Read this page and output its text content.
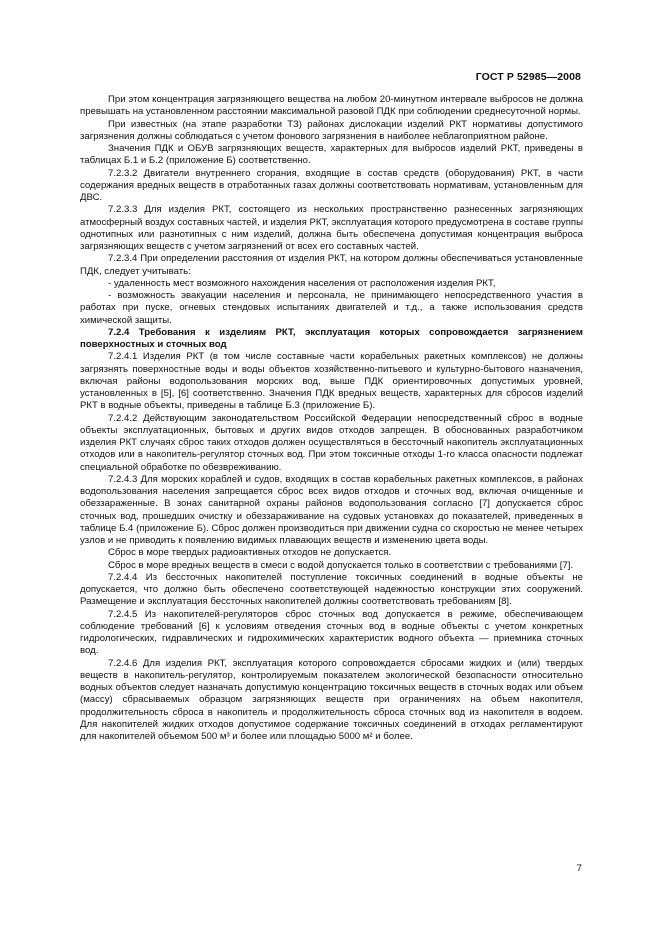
ГОСТ Р 52985—2008

При этом концентрация загрязняющего вещества на любом 20-минутном интервале выбросов не должна превышать на установленном расстоянии максимальной разовой ПДК при соблюдении среднесуточной нормы.

При известных (на этапе разработки ТЗ) районах дислокации изделий РКТ нормативы допустимого загрязнения должны соблюдаться с учетом фонового загрязнения в наиболее неблагоприятном районе.

Значения ПДК и ОБУВ загрязняющих веществ, характерных для выбросов изделий РКТ, приведены в таблицах Б.1 и Б.2 (приложение Б) соответственно.

7.2.3.2 Двигатели внутреннего сгорания, входящие в состав средств (оборудования) РКТ, в части содержания вредных веществ в отработанных газах должны соответствовать нормативам, установленным для ДВС.

7.2.3.3 Для изделия РКТ, состоящего из нескольких пространственно разнесенных загрязняющих атмосферный воздух составных частей, и изделия РКТ, эксплуатация которого предусмотрена в составе группы однотипных или разнотипных с ним изделий, должна быть обеспечена допустимая концентрация выброса загрязняющих веществ с учетом загрязнений от всех его составных частей.

7.2.3.4 При определении расстояния от изделия РКТ, на котором должны обеспечиваться установленные ПДК, следует учитывать:

- удаленность мест возможного нахождения населения от расположения изделия РКТ,

- возможность эвакуации населения и персонала, не принимающего непосредственного участия в работах при пуске, огневых стендовых испытаниях двигателей и т.д., а также использования средств химической защиты.

7.2.4 Требования к изделиям РКТ, эксплуатация которых сопровождается загрязнением поверхностных и сточных вод

7.2.4.1 Изделия РКТ (в том числе составные части корабельных ракетных комплексов) не должны загрязнять поверхностные воды и воды объектов хозяйственно-питьевого и культурно-бытового назначения, включая районы водопользования морских вод, выше ПДК ориентировочных допустимых уровней, установленных в [5], [6] соответственно. Значения ПДК вредных веществ, характерных для сбросов изделий РКТ в водные объекты, приведены в таблице Б.3 (приложение Б).

7.2.4.2 Действующим законодательством Российской Федерации непосредственный сброс в водные объекты эксплуатационных, бытовых и других видов отходов запрещен. В обоснованных разработчиком изделия РКТ случаях сброс таких отходов должен осуществляться в бессточный накопитель эксплуатационных отходов или в накопитель-регулятор сточных вод. При этом токсичные отходы 1-го класса опасности подлежат специальной обработке по обезвреживанию.

7.2.4.3 Для морских кораблей и судов, входящих в состав корабельных ракетных комплексов, в районах водопользования населения запрещается сброс всех видов отходов и сточных вод, включая очищенные и обеззараженные. В зонах санитарной охраны районов водопользования согласно [7] допускается сброс сточных вод, прошедших очистку и обеззараживание на судовых установках до показателей, приведенных в таблице Б.4 (приложение Б). Сброс должен производиться при движении судна со скоростью не менее четырех узлов и не приводить к появлению видимых плавающих веществ и изменению цвета воды.

Сброс в море твердых радиоактивных отходов не допускается.

Сброс в море вредных веществ в смеси с водой допускается только в соответствии с требованиями [7].

7.2.4.4 Из бессточных накопителей поступление токсичных соединений в водные объекты не допускается, что должно быть обеспечено соответствующей надежностью конструкции этих сооружений. Размещение и эксплуатация бессточных накопителей должны соответствовать требованиям [8].

7.2.4.5 Из накопителей-регуляторов сброс сточных вод допускается в режиме, обеспечивающем соблюдение требований [6] к условиям отведения сточных вод в водные объекты с учетом конкретных гидрологических, гидравлических и гидрохимических характеристик водного объекта — приемника сточных вод.

7.2.4.6 Для изделия РКТ, эксплуатация которого сопровождается сбросами жидких и (или) твердых веществ в накопитель-регулятор, контролируемым показателем экологической безопасности относительно водных объектов следует назначать допустимую концентрацию токсичных веществ в сточных водах или объем (массу) сбрасываемых образцом загрязняющих веществ при ограничениях на объем накопителя, продолжительность сброса в накопитель и продолжительность сброса сточных вод из накопителя в водоем. Для накопителей жидких отходов допустимое содержание токсичных соединений в отходах регламентируют для накопителей объемом 500 м³ и более или площадью 5000 м² и более.

7
